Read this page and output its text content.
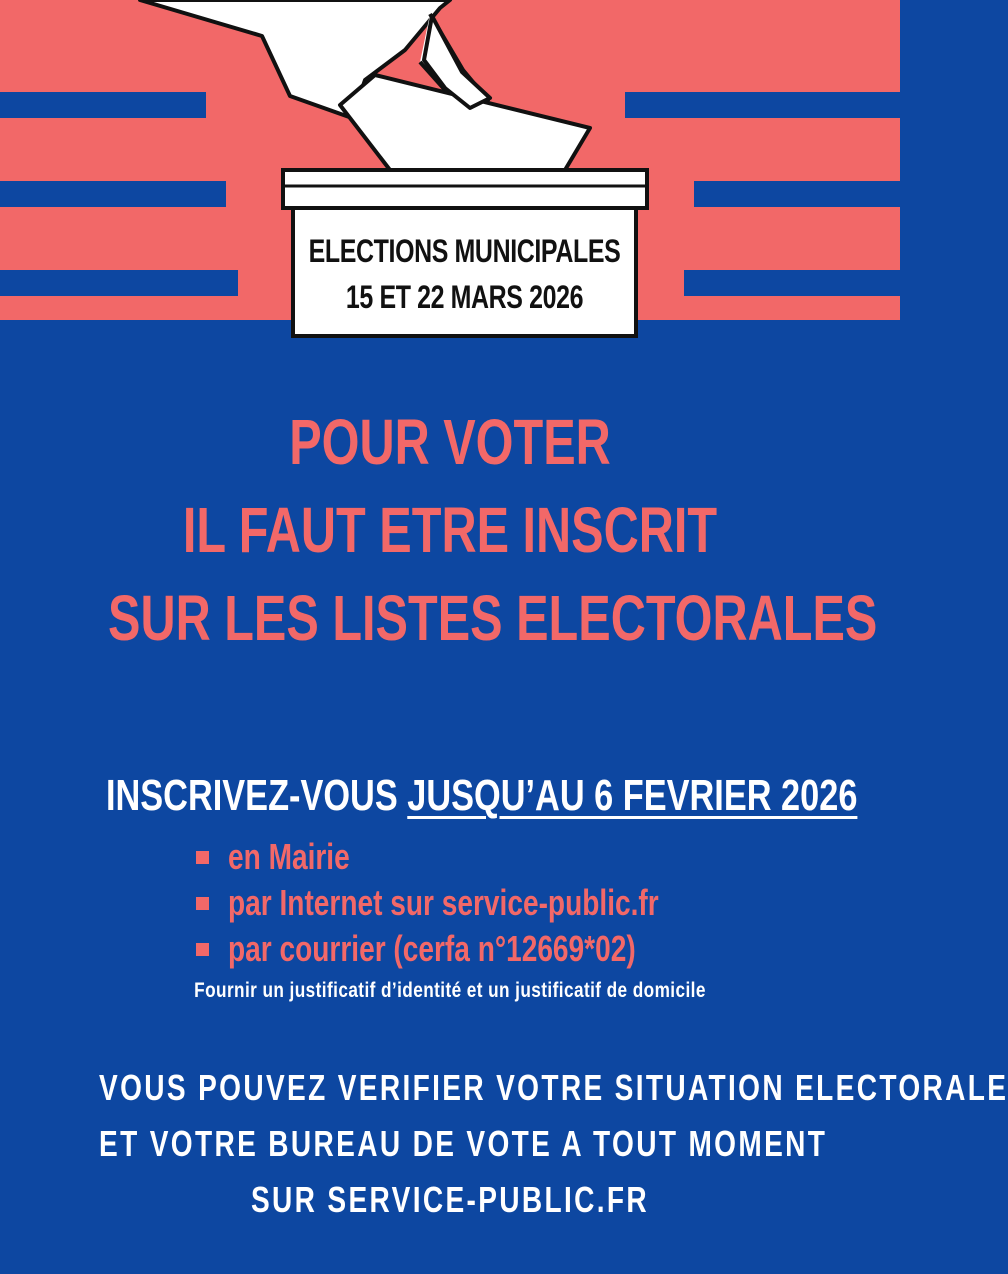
ELECTIONS MUNICIPALES
15 ET 22 MARS 2026
POUR VOTER
IL FAUT ETRE INSCRIT
SUR LES LISTES ELECTORALES
INSCRIVEZ-VOUS JUSQU’AU 6 FEVRIER 2026
en Mairie
par Internet sur service-public.fr
par courrier (cerfa n°12669*02)
Fournir un justificatif d’identité et un justificatif de domicile
VOUS POUVEZ VERIFIER VOTRE SITUATION ELECTORALE
ET VOTRE BUREAU DE VOTE A TOUT MOMENT
SUR SERVICE-PUBLIC.FR
